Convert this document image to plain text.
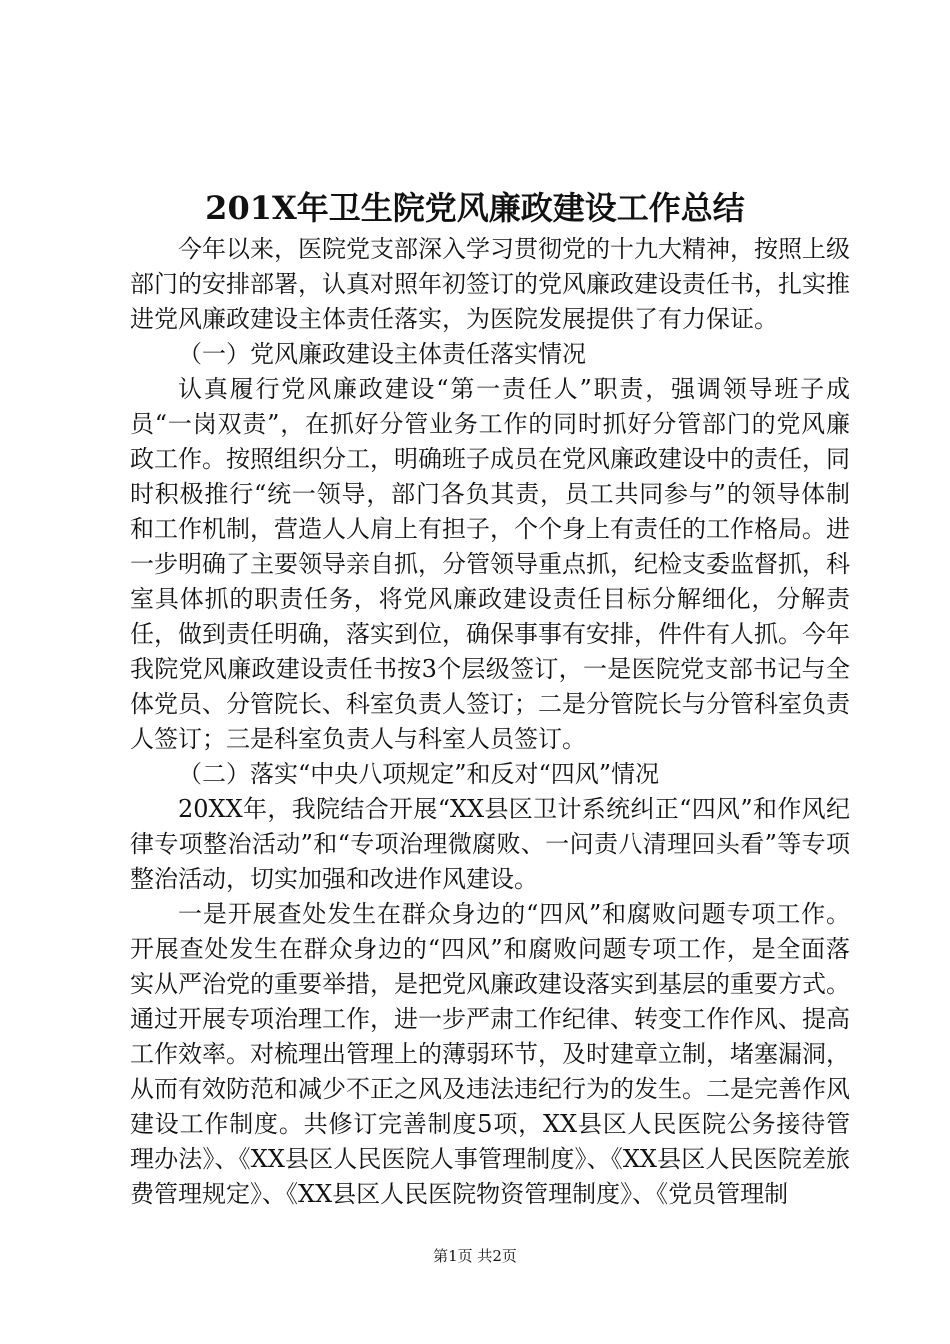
201X年卫生院党风廉政建设工作总结

今年以来，医院党支部深入学习贯彻党的十九大精神，按照上级部门的安排部署，认真对照年初签订的党风廉政建设责任书，扎实推进党风廉政建设主体责任落实，为医院发展提供了有力保证。

（一）党风廉政建设主体责任落实情况

认真履行党风廉政建设“第一责任人”职责，强调领导班子成员“一岗双责”，在抓好分管业务工作的同时抓好分管部门的党风廉政工作。按照组织分工，明确班子成员在党风廉政建设中的责任，同时积极推行“统一领导，部门各负其责，员工共同参与”的领导体制和工作机制，营造人人肩上有担子，个个身上有责任的工作格局。进一步明确了主要领导亲自抓，分管领导重点抓，纪检支委监督抓，科室具体抓的职责任务，将党风廉政建设责任目标分解细化，分解责任，做到责任明确，落实到位，确保事事有安排，件件有人抓。今年我院党风廉政建设责任书按3个层级签订，一是医院党支部书记与全体党员、分管院长、科室负责人签订；二是分管院长与分管科室负责人签订；三是科室负责人与科室人员签订。

（二）落实“中央八项规定”和反对“四风”情况

20XX年，我院结合开展“XX县区卫计系统纠正“四风”和作风纪律专项整治活动”和“专项治理微腐败、一问责八清理回头看”等专项整治活动，切实加强和改进作风建设。

一是开展查处发生在群众身边的“四风”和腐败问题专项工作。开展查处发生在群众身边的“四风”和腐败问题专项工作，是全面落实从严治党的重要举措，是把党风廉政建设落实到基层的重要方式。通过开展专项治理工作，进一步严肃工作纪律、转变工作作风、提高工作效率。对梳理出管理上的薄弱环节，及时建章立制，堵塞漏洞，从而有效防范和减少不正之风及违法违纪行为的发生。二是完善作风建设工作制度。共修订完善制度5项，XX县区人民医院公务接待管理办法》、《XX县区人民医院人事管理制度》、《XX县区人民医院差旅费管理规定》、《XX县区人民医院物资管理制度》、《党员管理制

第1页 共2页
